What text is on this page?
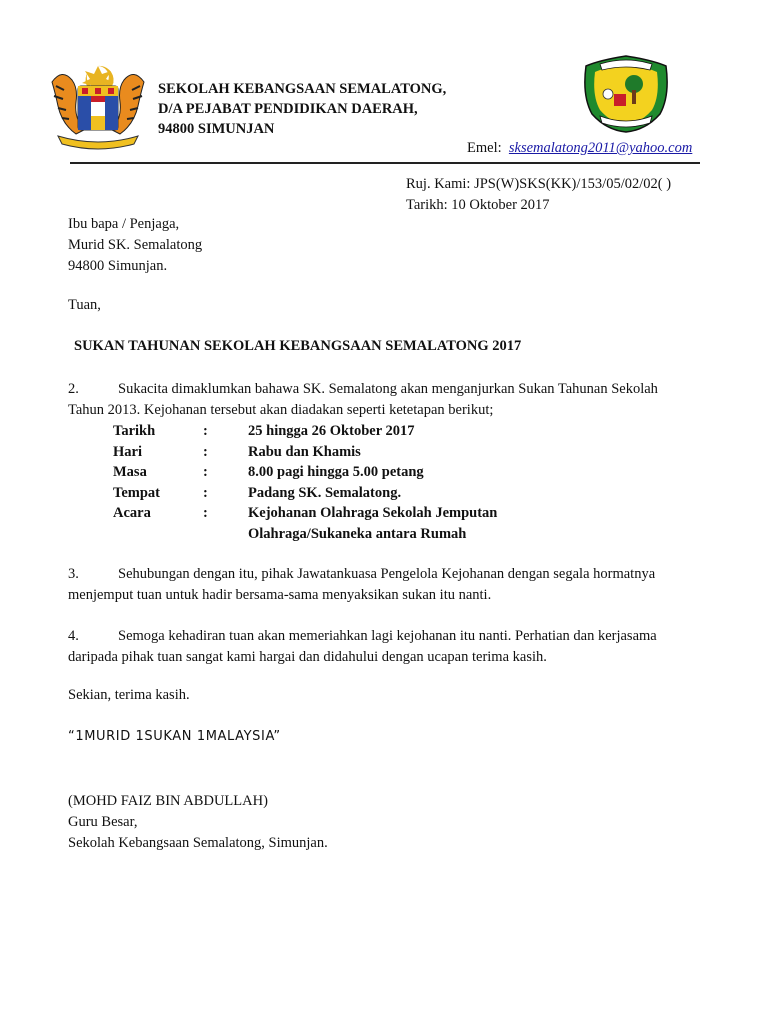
SEKOLAH KEBANGSAAN SEMALATONG,
D/A PEJABAT PENDIDIKAN DAERAH,
94800 SIMUNJAN
Emel: sksemalatong2011@yahoo.com
Ruj. Kami: JPS(W)SKS(KK)/153/05/02/02( )
Tarikh: 10 Oktober 2017
Ibu bapa / Penjaga,
Murid SK. Semalatong
94800 Simunjan.
Tuan,
SUKAN TAHUNAN SEKOLAH KEBANGSAAN SEMALATONG 2017
2.	Sukacita dimaklumkan bahawa SK. Semalatong akan menganjurkan Sukan Tahunan Sekolah
Tahun 2013. Kejohanan tersebut akan diadakan seperti ketetapan berikut;
Tarikh	:	25 hingga 26 Oktober 2017
Hari	:	Rabu dan Khamis
Masa	:	8.00 pagi hingga 5.00 petang
Tempat	:	Padang SK. Semalatong.
Acara	:	Kejohanan Olahraga Sekolah Jemputan
Olahraga/Sukaneka antara Rumah
3.	Sehubungan dengan itu, pihak Jawatankuasa Pengelola Kejohanan dengan segala hormatnya
menjemput tuan untuk hadir bersama-sama menyaksikan sukan itu nanti.
4.	Semoga kehadiran tuan akan memeriahkan lagi kejohanan itu nanti. Perhatian dan kerjasama
daripada pihak tuan sangat kami hargai dan didahului dengan ucapan terima kasih.
Sekian, terima kasih.
“1MURID 1SUKAN 1MALAYSIA”
(MOHD FAIZ BIN ABDULLAH)
Guru Besar,
Sekolah Kebangsaan Semalatong, Simunjan.
